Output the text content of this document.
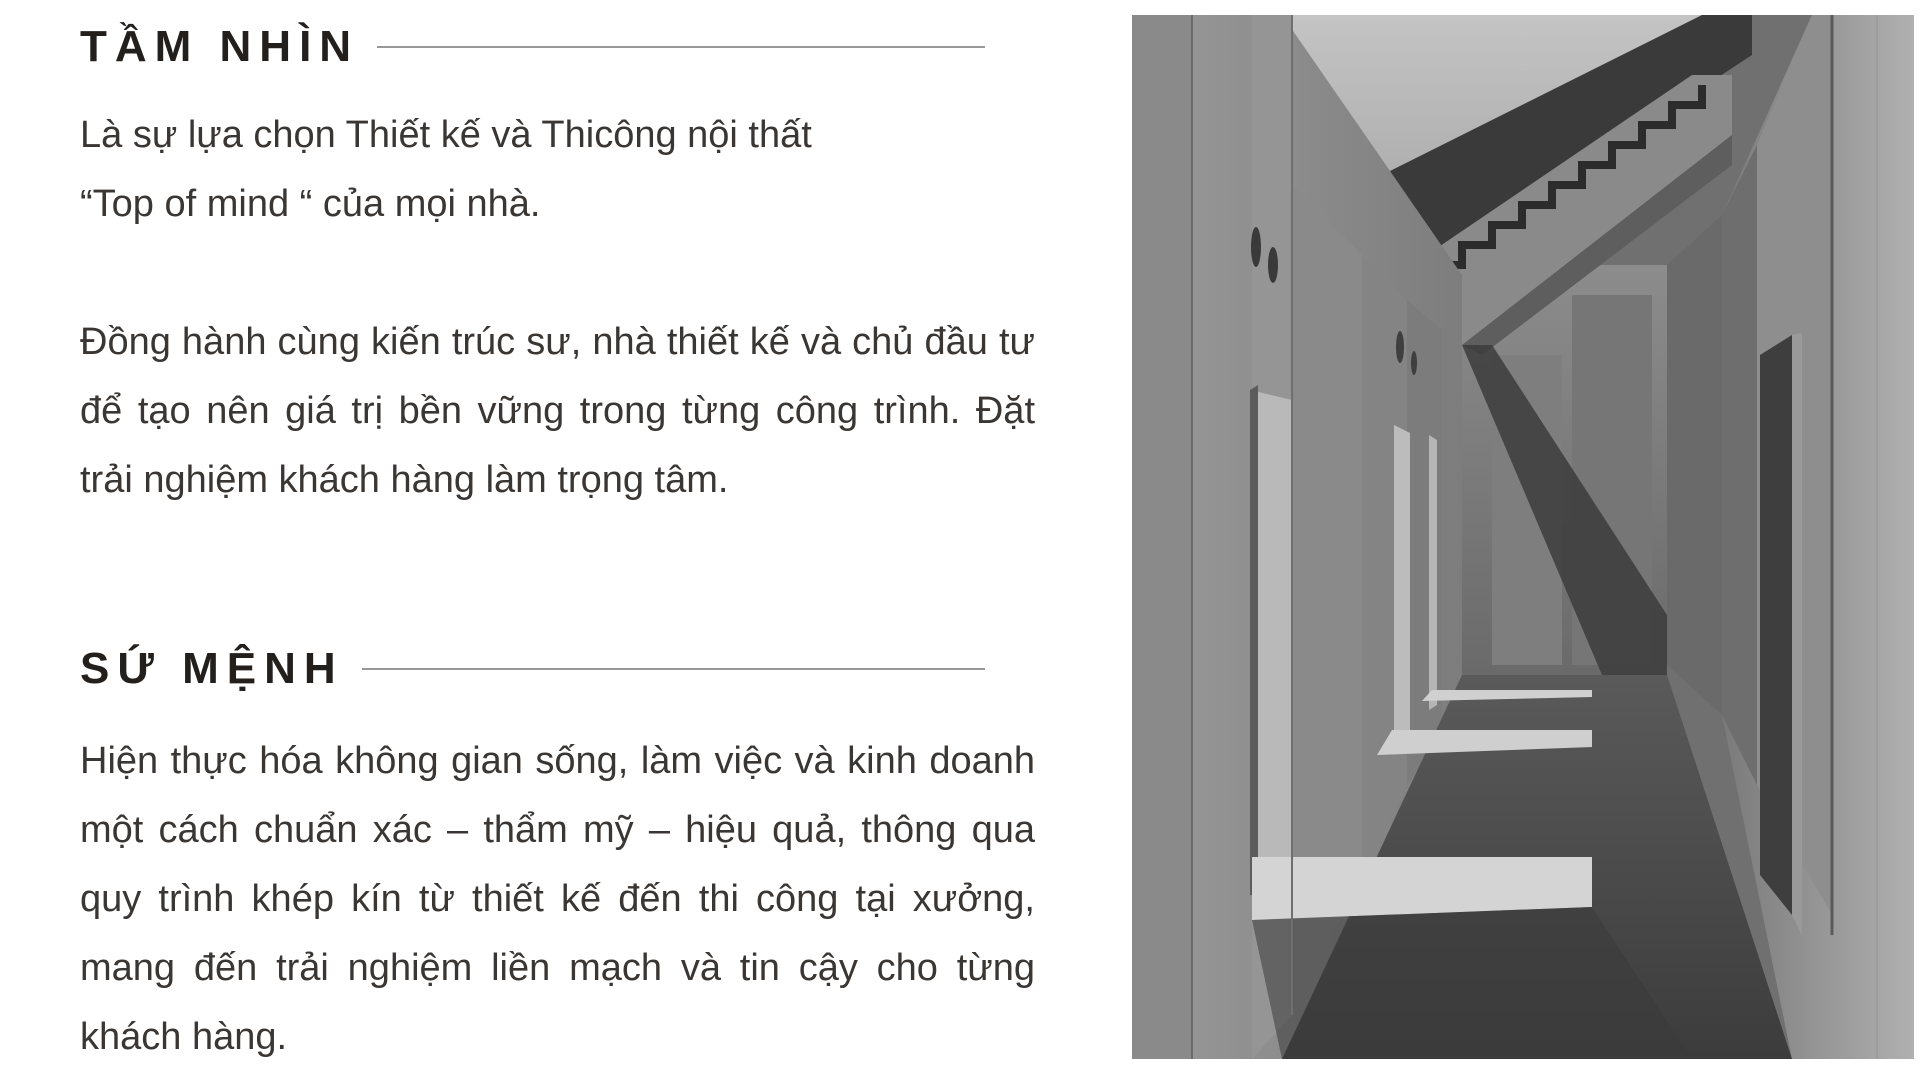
TẦM NHÌN

Là sự lựa chọn Thiết kế và Thicông nội thất
“Top of mind “ của mọi nhà.

Đồng hành cùng kiến trúc sư, nhà thiết kế và chủ đầu tư để tạo nên giá trị bền vững trong từng công trình. Đặt trải nghiệm khách hàng làm trọng tâm.

SỨ MỆNH

Hiện thực hóa không gian sống, làm việc và kinh doanh một cách chuẩn xác – thẩm mỹ – hiệu quả, thông qua quy trình khép kín từ thiết kế đến thi công tại xưởng, mang đến trải nghiệm liền mạch và tin cậy cho từng khách hàng.
